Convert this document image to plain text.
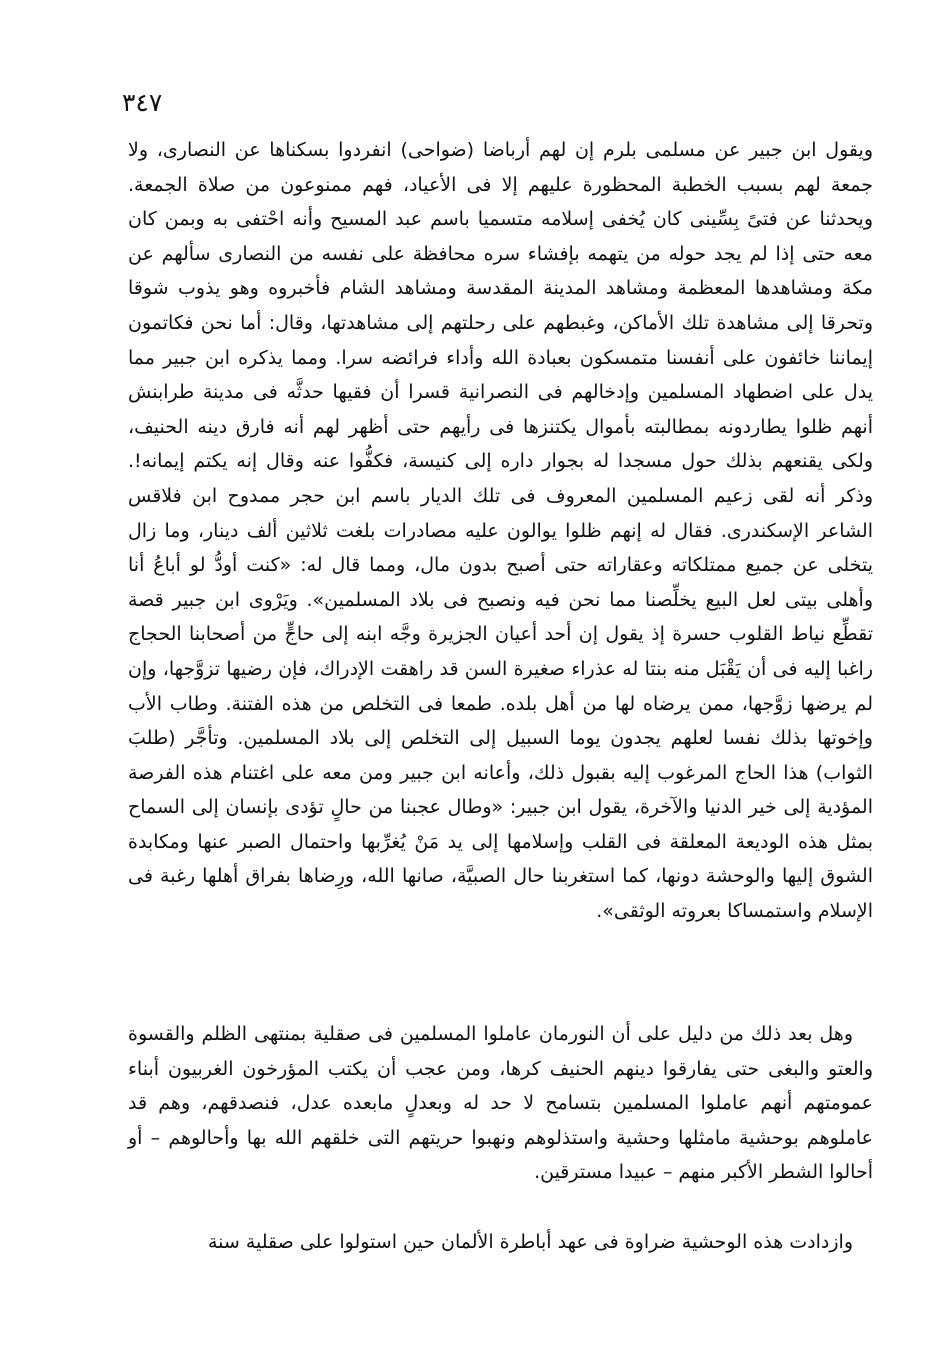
٣٤٧

ويقول ابن جبير عن مسلمى بلرم إن لهم أرباضا (ضواحى) انفردوا بسكناها عن النصارى، ولا جمعة لهم بسبب الخطبة المحظورة عليهم إلا فى الأعياد، فهم ممنوعون من صلاة الجمعة. ويحدثنا عن فتىً بِسِّينى كان يُخفى إسلامه متسميا باسم عبد المسيح وأنه احْتفى به وبمن كان معه حتى إذا لم يجد حوله من يتهمه بإفشاء سره محافظة على نفسه من النصارى سألهم عن مكة ومشاهدها المعظمة ومشاهد المدينة المقدسة ومشاهد الشام فأخبروه وهو يذوب شوقا وتحرقا إلى مشاهدة تلك الأماكن، وغبطهم على رحلتهم إلى مشاهدتها، وقال: أما نحن فكاتمون إيماننا خائفون على أنفسنا متمسكون بعبادة الله وأداء فرائضه سرا. ومما يذكره ابن جبير مما يدل على اضطهاد المسلمين وإدخالهم فى النصرانية قسرا أن فقيها حدثَّه فى مدينة طرابنش أنهم ظلوا يطاردونه بمطالبته بأموال يكتنزها فى رأيهم حتى أظهر لهم أنه فارق دينه الحنيف، ولكى يقنعهم بذلك حول مسجدا له بجوار داره إلى كنيسة، فكفُّوا عنه وقال إنه يكتم إيمانه!. وذكر أنه لقى زعيم المسلمين المعروف فى تلك الديار باسم ابن حجر ممدوح ابن فلاقس الشاعر الإسكندرى. فقال له إنهم ظلوا يوالون عليه مصادرات بلغت ثلاثين ألف دينار، وما زال يتخلى عن جميع ممتلكاته وعقاراته حتى أصبح بدون مال، ومما قال له: «كنت أودُّ لو أباعُ أنا وأهلى بيتى لعل البيع يخلِّصنا مما نحن فيه ونصبح فى بلاد المسلمين». ويَرْوى ابن جبير قصة تقطِّع نياط القلوب حسرة إذ يقول إن أحد أعيان الجزيرة وجَّه ابنه إلى حاجٍّ من أصحابنا الحجاج راغبا إليه فى أن يَقْبَل منه بنتا له عذراء صغيرة السن قد راهقت الإدراك، فإن رضيها تزوَّجها، وإن لم يرضها زوَّجها، ممن يرضاه لها من أهل بلده. طمعا فى التخلص من هذه الفتنة. وطاب الأب وإخوتها بذلك نفسا لعلهم يجدون يوما السبيل إلى التخلص إلى بلاد المسلمين. وتأجَّر (طلبَ الثواب) هذا الحاج المرغوب إليه بقبول ذلك، وأعانه ابن جبير ومن معه على اغتنام هذه الفرصة المؤدية إلى خير الدنيا والآخرة، يقول ابن جبير: «وطال عجبنا من حالٍ تؤدى بإنسان إلى السماح بمثل هذه الوديعة المعلقة فى القلب وإسلامها إلى يد مَنْ يُغرِّبها واحتمال الصبر عنها ومكابدة الشوق إليها والوحشة دونها، كما استغربنا حال الصبيَّة، صانها الله، ورِضاها بفراق أهلها رغبة فى الإسلام واستمساكا بعروته الوثقى».

وهل بعد ذلك من دليل على أن النورمان عاملوا المسلمين فى صقلية بمنتهى الظلم والقسوة والعتو والبغى حتى يفارقوا دينهم الحنيف كرها، ومن عجب أن يكتب المؤرخون الغربيون أبناء عمومتهم أنهم عاملوا المسلمين بتسامح لا حد له وبعدلٍ مابعده عدل، فنصدقهم، وهم قد عاملوهم بوحشية مامثلها وحشية واستذلوهم ونهبوا حريتهم التى خلقهم الله بها وأحالوهم – أو أحالوا الشطر الأكبر منهم – عبيدا مسترقين.

وازدادت هذه الوحشية ضراوة فى عهد أباطرة الألمان حين استولوا على صقلية سنة
